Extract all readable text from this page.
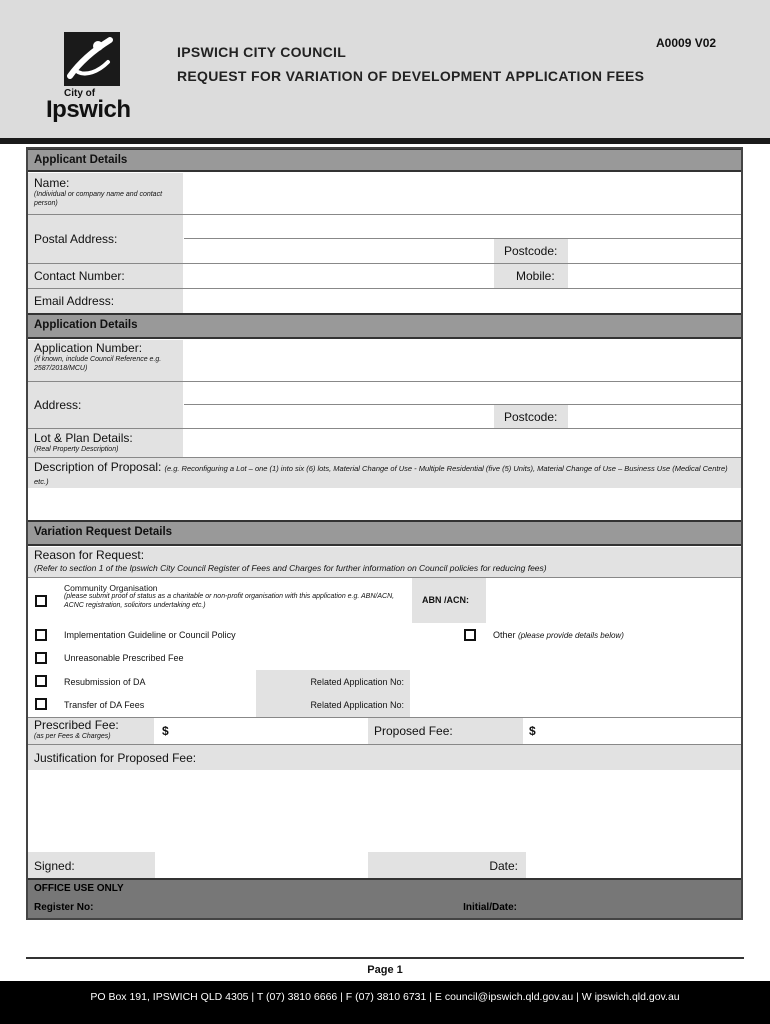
City of
Ipswich
IPSWICH CITY COUNCIL
REQUEST FOR VARIATION OF DEVELOPMENT APPLICATION FEES
A0009 V02
Applicant Details
Name:
(Individual or company name and contact person)
Postal Address:
Postcode:
Contact Number:	Mobile:
Email Address:
Application Details
Application Number:
(if known, include Council Reference e.g. 2587/2018/MCU)
Address:
Postcode:
Lot & Plan Details:
(Real Property Description)
Description of Proposal: (e.g. Reconfiguring a Lot – one (1) into six (6) lots, Material Change of Use - Multiple Residential (five (5) Units), Material Change of Use – Business Use (Medical Centre) etc.)
Variation Request Details
Reason for Request:
(Refer to section 1 of the Ipswich City Council Register of Fees and Charges for further information on Council policies for reducing fees)
Community Organisation
(please submit proof of status as a charitable or non-profit organisation with this application e.g. ABN/ACN, ACNC registration, solicitors undertaking etc.)
ABN /ACN:
Implementation Guideline or Council Policy	Other (please provide details below)
Unreasonable Prescribed Fee
Resubmission of DA	Related Application No:
Transfer of DA Fees	Related Application No:
Prescribed Fee:
(as per Fees & Charges)	$	Proposed Fee:	$
Justification for Proposed Fee:
Signed:	Date:
OFFICE USE ONLY
Register No:	Initial/Date:
Page 1
PO Box 191, IPSWICH QLD 4305 | T (07) 3810 6666 | F (07) 3810 6731 | E council@ipswich.qld.gov.au | W ipswich.qld.gov.au
